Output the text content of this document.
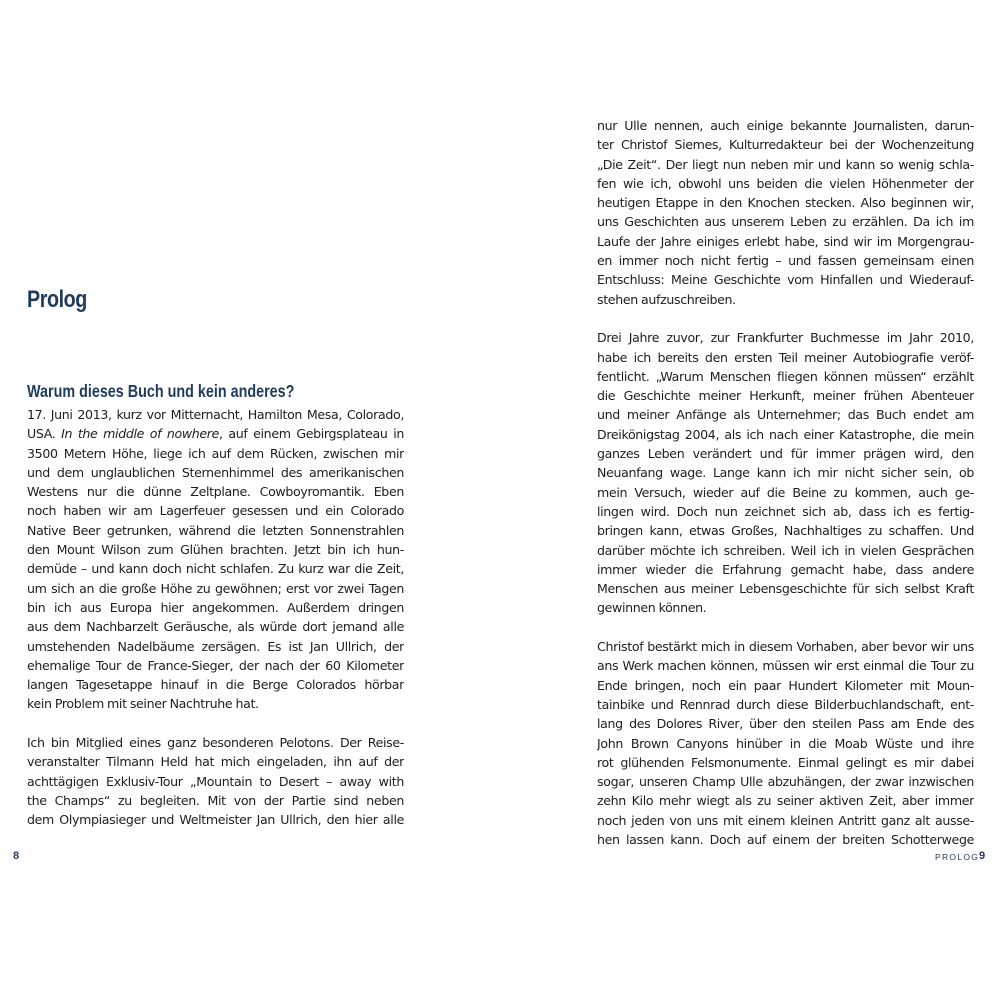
Prolog
Warum dieses Buch und kein anderes?
17. Juni 2013, kurz vor Mitternacht, Hamilton Mesa, Colorado,
USA. In the middle of nowhere, auf einem Gebirgsplateau in
3500 Metern Höhe, liege ich auf dem Rücken, zwischen mir
und dem unglaublichen Sternenhimmel des amerikanischen
Westens nur die dünne Zeltplane. Cowboyromantik. Eben
noch haben wir am Lagerfeuer gesessen und ein Colorado
Native Beer getrunken, während die letzten Sonnenstrahlen
den Mount Wilson zum Glühen brachten. Jetzt bin ich hun-
demüde – und kann doch nicht schlafen. Zu kurz war die Zeit,
um sich an die große Höhe zu gewöhnen; erst vor zwei Tagen
bin ich aus Europa hier angekommen. Außerdem dringen
aus dem Nachbarzelt Geräusche, als würde dort jemand alle
umstehenden Nadelbäume zersägen. Es ist Jan Ullrich, der
ehemalige Tour de France-Sieger, der nach der 60 Kilometer
langen Tagesetappe hinauf in die Berge Colorados hörbar
kein Problem mit seiner Nachtruhe hat.
Ich bin Mitglied eines ganz besonderen Pelotons. Der Reise-
veranstalter Tilmann Held hat mich eingeladen, ihn auf der
achttägigen Exklusiv-Tour „Mountain to Desert – away with
the Champs“ zu begleiten. Mit von der Partie sind neben
dem Olympiasieger und Weltmeister Jan Ullrich, den hier alle
8
nur Ulle nennen, auch einige bekannte Journalisten, darun-
ter Christof Siemes, Kulturredakteur bei der Wochenzeitung
„Die Zeit“. Der liegt nun neben mir und kann so wenig schla-
fen wie ich, obwohl uns beiden die vielen Höhenmeter der
heutigen Etappe in den Knochen stecken. Also beginnen wir,
uns Geschichten aus unserem Leben zu erzählen. Da ich im
Laufe der Jahre einiges erlebt habe, sind wir im Morgengrau-
en immer noch nicht fertig – und fassen gemeinsam einen
Entschluss: Meine Geschichte vom Hinfallen und Wiederauf-
stehen aufzuschreiben.
Drei Jahre zuvor, zur Frankfurter Buchmesse im Jahr 2010,
habe ich bereits den ersten Teil meiner Autobiografie veröf-
fentlicht. „Warum Menschen fliegen können müssen“ erzählt
die Geschichte meiner Herkunft, meiner frühen Abenteuer
und meiner Anfänge als Unternehmer; das Buch endet am
Dreikönigstag 2004, als ich nach einer Katastrophe, die mein
ganzes Leben verändert und für immer prägen wird, den
Neuanfang wage. Lange kann ich mir nicht sicher sein, ob
mein Versuch, wieder auf die Beine zu kommen, auch ge-
lingen wird. Doch nun zeichnet sich ab, dass ich es fertig-
bringen kann, etwas Großes, Nachhaltiges zu schaffen. Und
darüber möchte ich schreiben. Weil ich in vielen Gesprächen
immer wieder die Erfahrung gemacht habe, dass andere
Menschen aus meiner Lebensgeschichte für sich selbst Kraft
gewinnen können.
Christof bestärkt mich in diesem Vorhaben, aber bevor wir uns
ans Werk machen können, müssen wir erst einmal die Tour zu
Ende bringen, noch ein paar Hundert Kilometer mit Moun-
tainbike und Rennrad durch diese Bilderbuchlandschaft, ent-
lang des Dolores River, über den steilen Pass am Ende des
John Brown Canyons hinüber in die Moab Wüste und ihre
rot glühenden Felsmonumente. Einmal gelingt es mir dabei
sogar, unseren Champ Ulle abzuhängen, der zwar inzwischen
zehn Kilo mehr wiegt als zu seiner aktiven Zeit, aber immer
noch jeden von uns mit einem kleinen Antritt ganz alt ausse-
hen lassen kann. Doch auf einem der breiten Schotterwege
PROLOG 9
